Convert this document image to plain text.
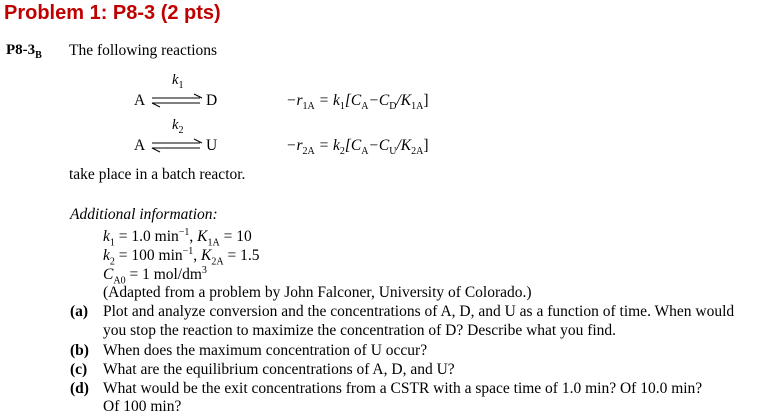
Problem 1: P8-3 (2 pts)
$P8-3_B$ The following reactions
$k_1$
A ⇌ D	$-r_{1A} = k_1[C_A-C_D/K_{1A}]$
$k_2$
A ⇌ U	$-r_{2A} = k_2[C_A-C_U/K_{2A}]$
take place in a batch reactor.
Additional information:
$k_1 = 1.0$ $\min^{-1}$, $K_{1A} = 10$
$k_2 = 100$ $\min^{-1}$, $K_{2A} = 1.5$
$C_{A0} = 1$ mol/$dm^3$
(Adapted from a problem by John Falconer, University of Colorado.)
(a) Plot and analyze conversion and the concentrations of A, D, and U as a function of time. When would
you stop the reaction to maximize the concentration of D? Describe what you find.
(b) When does the maximum concentration of U occur?
(c) What are the equilibrium concentrations of A, D, and U?
(d) What would be the exit concentrations from a CSTR with a space time of 1.0 min? Of 10.0 min?
Of 100 min?
